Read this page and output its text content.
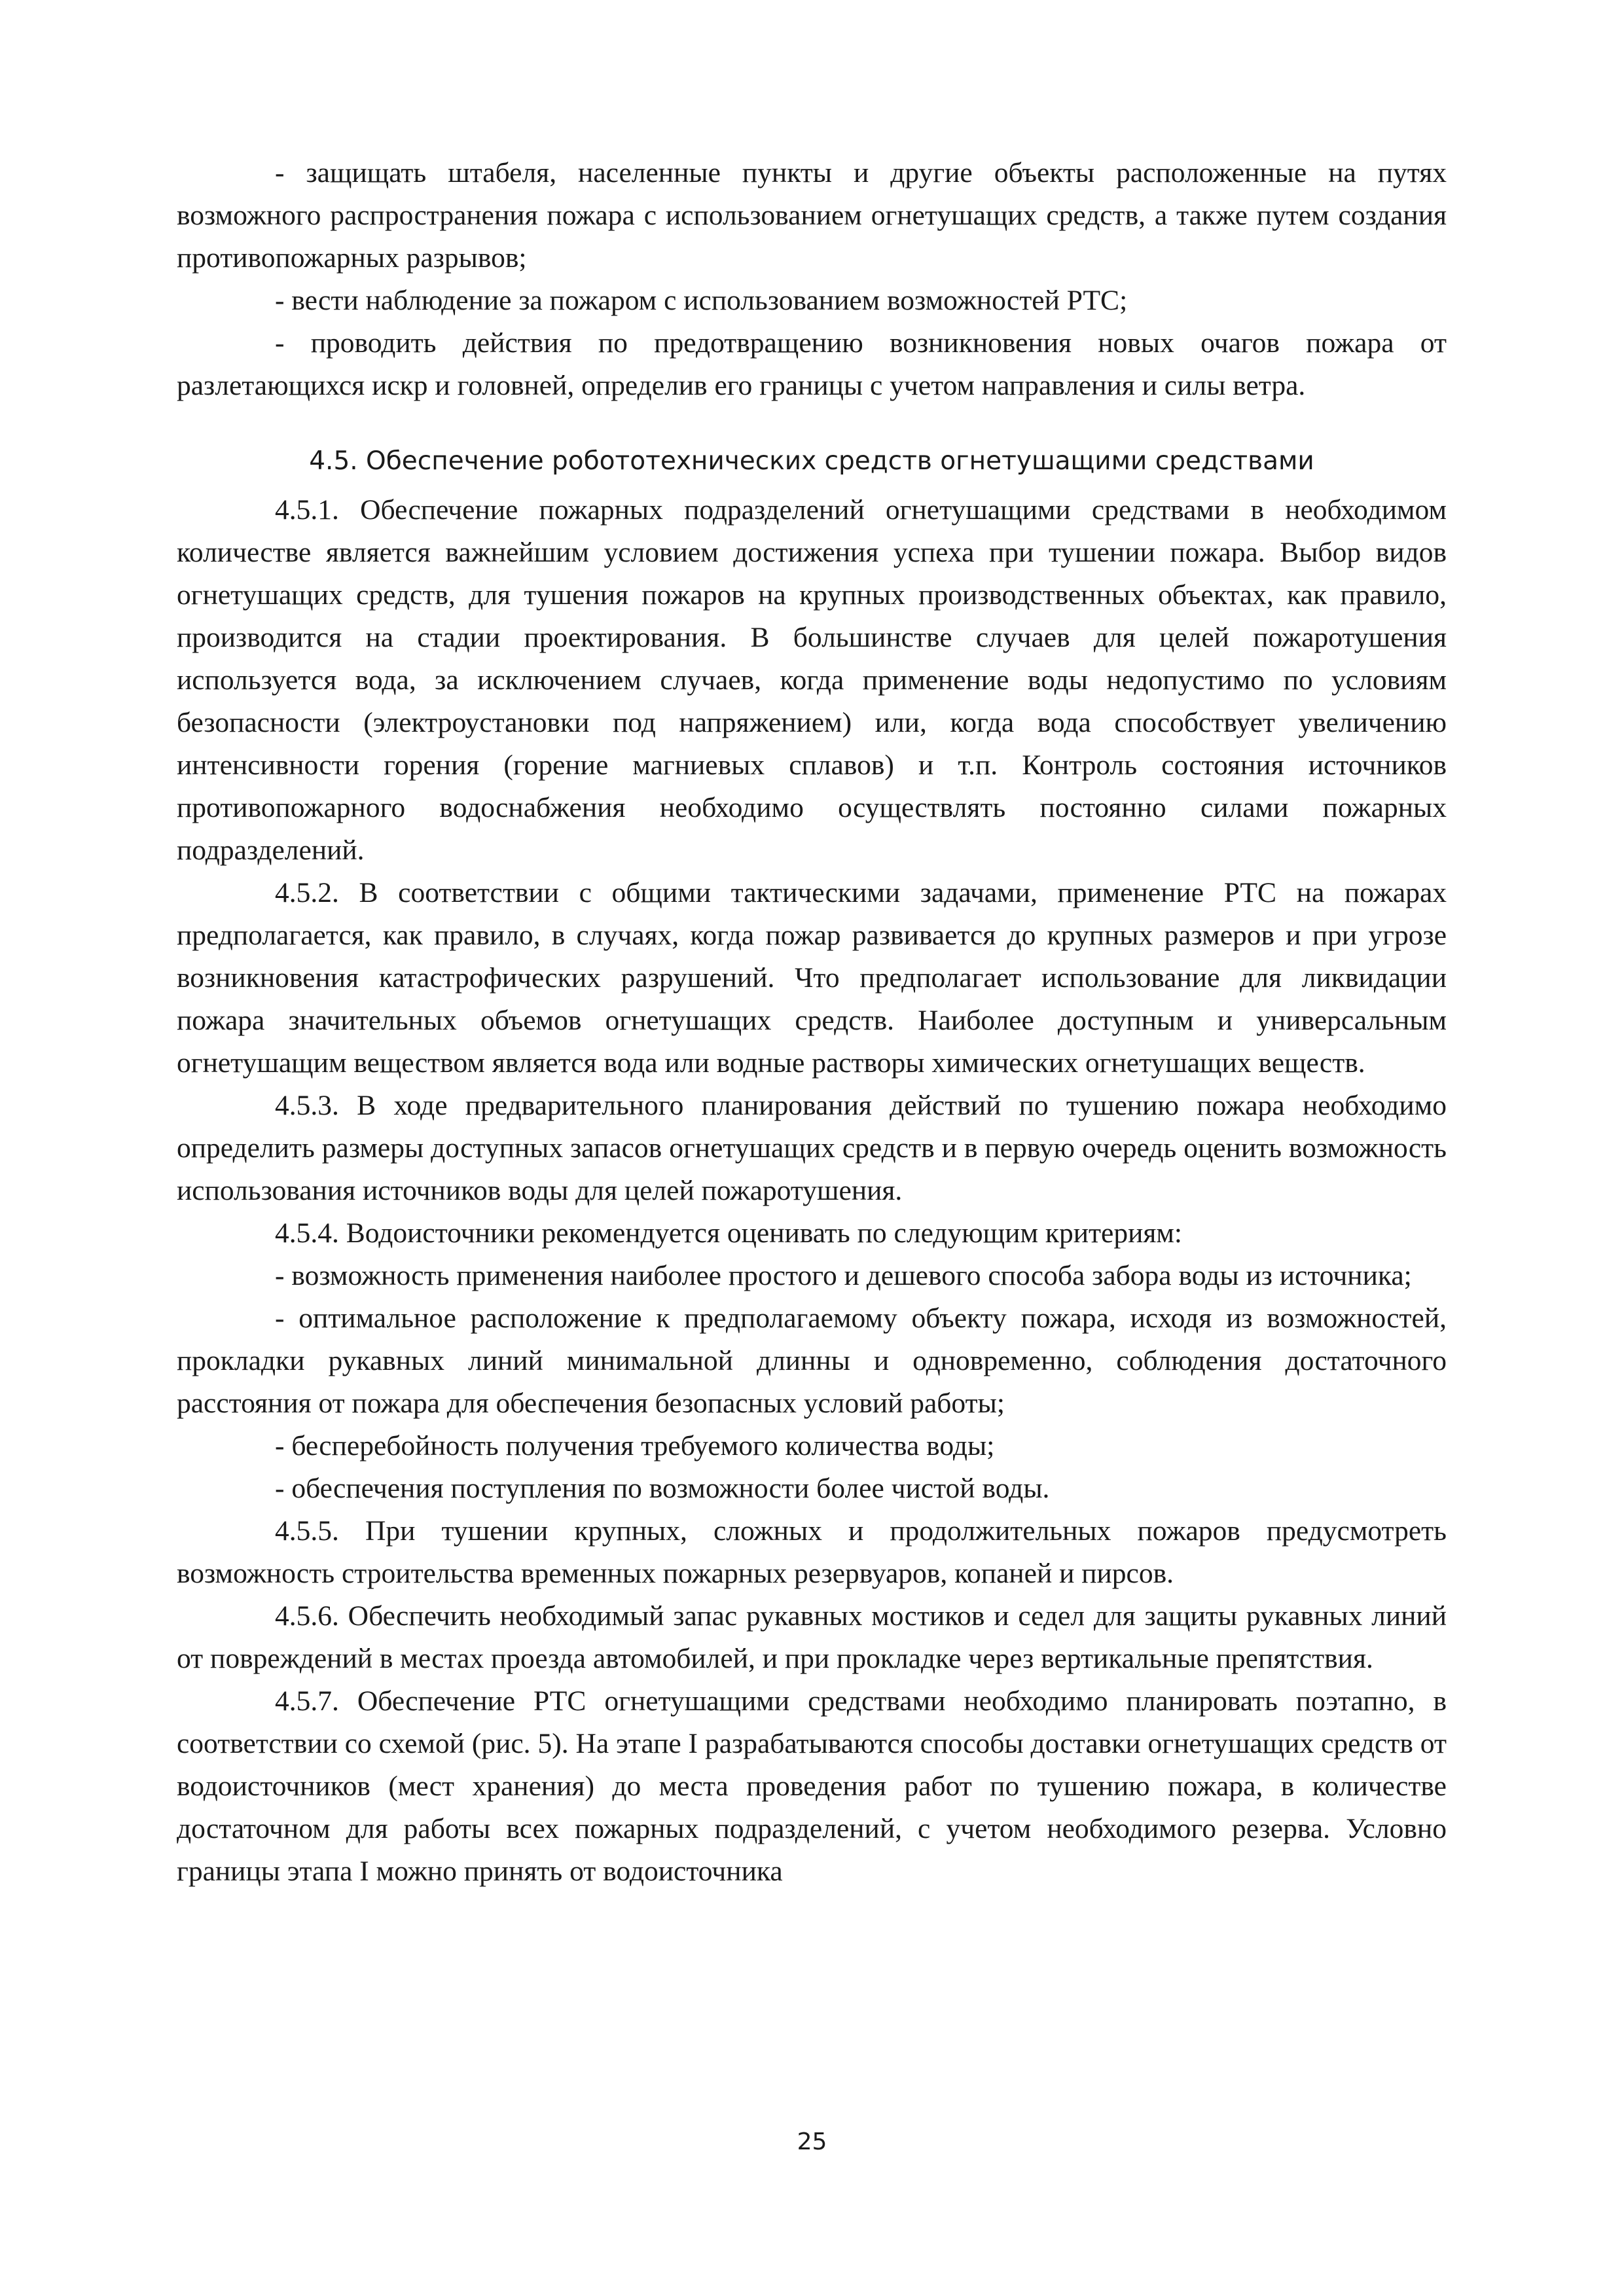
- защищать штабеля, населенные пункты и другие объекты расположенные на путях возможного распространения пожара с использованием огнетушащих средств, а также путем создания противопожарных разрывов;

- вести наблюдение за пожаром с использованием возможностей РТС;

- проводить действия по предотвращению возникновения новых очагов пожара от разлетающихся искр и головней, определив его границы с учетом направления и силы ветра.

4.5. Обеспечение робототехнических средств огнетушащими средствами

4.5.1. Обеспечение пожарных подразделений огнетушащими средствами в необходимом количестве является важнейшим условием достижения успеха при тушении пожара. Выбор видов огнетушащих средств, для тушения пожаров на крупных производственных объектах, как правило, производится на стадии проектирования. В большинстве случаев для целей пожаротушения используется вода, за исключением случаев, когда применение воды недопустимо по условиям безопасности (электроустановки под напряжением) или, когда вода способствует увеличению интенсивности горения (горение магниевых сплавов) и т.п. Контроль состояния источников противопожарного водоснабжения необходимо осуществлять постоянно силами пожарных подразделений.

4.5.2. В соответствии с общими тактическими задачами, применение РТС на пожарах предполагается, как правило, в случаях, когда пожар развивается до крупных размеров и при угрозе возникновения катастрофических разрушений. Что предполагает использование для ликвидации пожара значительных объемов огнетушащих средств. Наиболее доступным и универсальным огнетушащим веществом является вода или водные растворы химических огнетушащих веществ.

4.5.3. В ходе предварительного планирования действий по тушению пожара необходимо определить размеры доступных запасов огнетушащих средств и в первую очередь оценить возможность использования источников воды для целей пожаротушения.

4.5.4. Водоисточники рекомендуется оценивать по следующим критериям:

- возможность применения наиболее простого и дешевого способа забора воды из источника;

- оптимальное расположение к предполагаемому объекту пожара, исходя из возможностей, прокладки рукавных линий минимальной длинны и одновременно, соблюдения достаточного расстояния от пожара для обеспечения безопасных условий работы;

- бесперебойность получения требуемого количества воды;

- обеспечения поступления по возможности более чистой воды.

4.5.5. При тушении крупных, сложных и продолжительных пожаров предусмотреть возможность строительства временных пожарных резервуаров, копаней и пирсов.

4.5.6. Обеспечить необходимый запас рукавных мостиков и седел для защиты рукавных линий от повреждений в местах проезда автомобилей, и при прокладке через вертикальные препятствия.

4.5.7. Обеспечение РТС огнетушащими средствами необходимо планировать поэтапно, в соответствии со схемой (рис. 5). На этапе I разрабатываются способы доставки огнетушащих средств от водоисточников (мест хранения) до места проведения работ по тушению пожара, в количестве достаточном для работы всех пожарных подразделений, с учетом необходимого резерва. Условно границы этапа I можно принять от водоисточника

25
